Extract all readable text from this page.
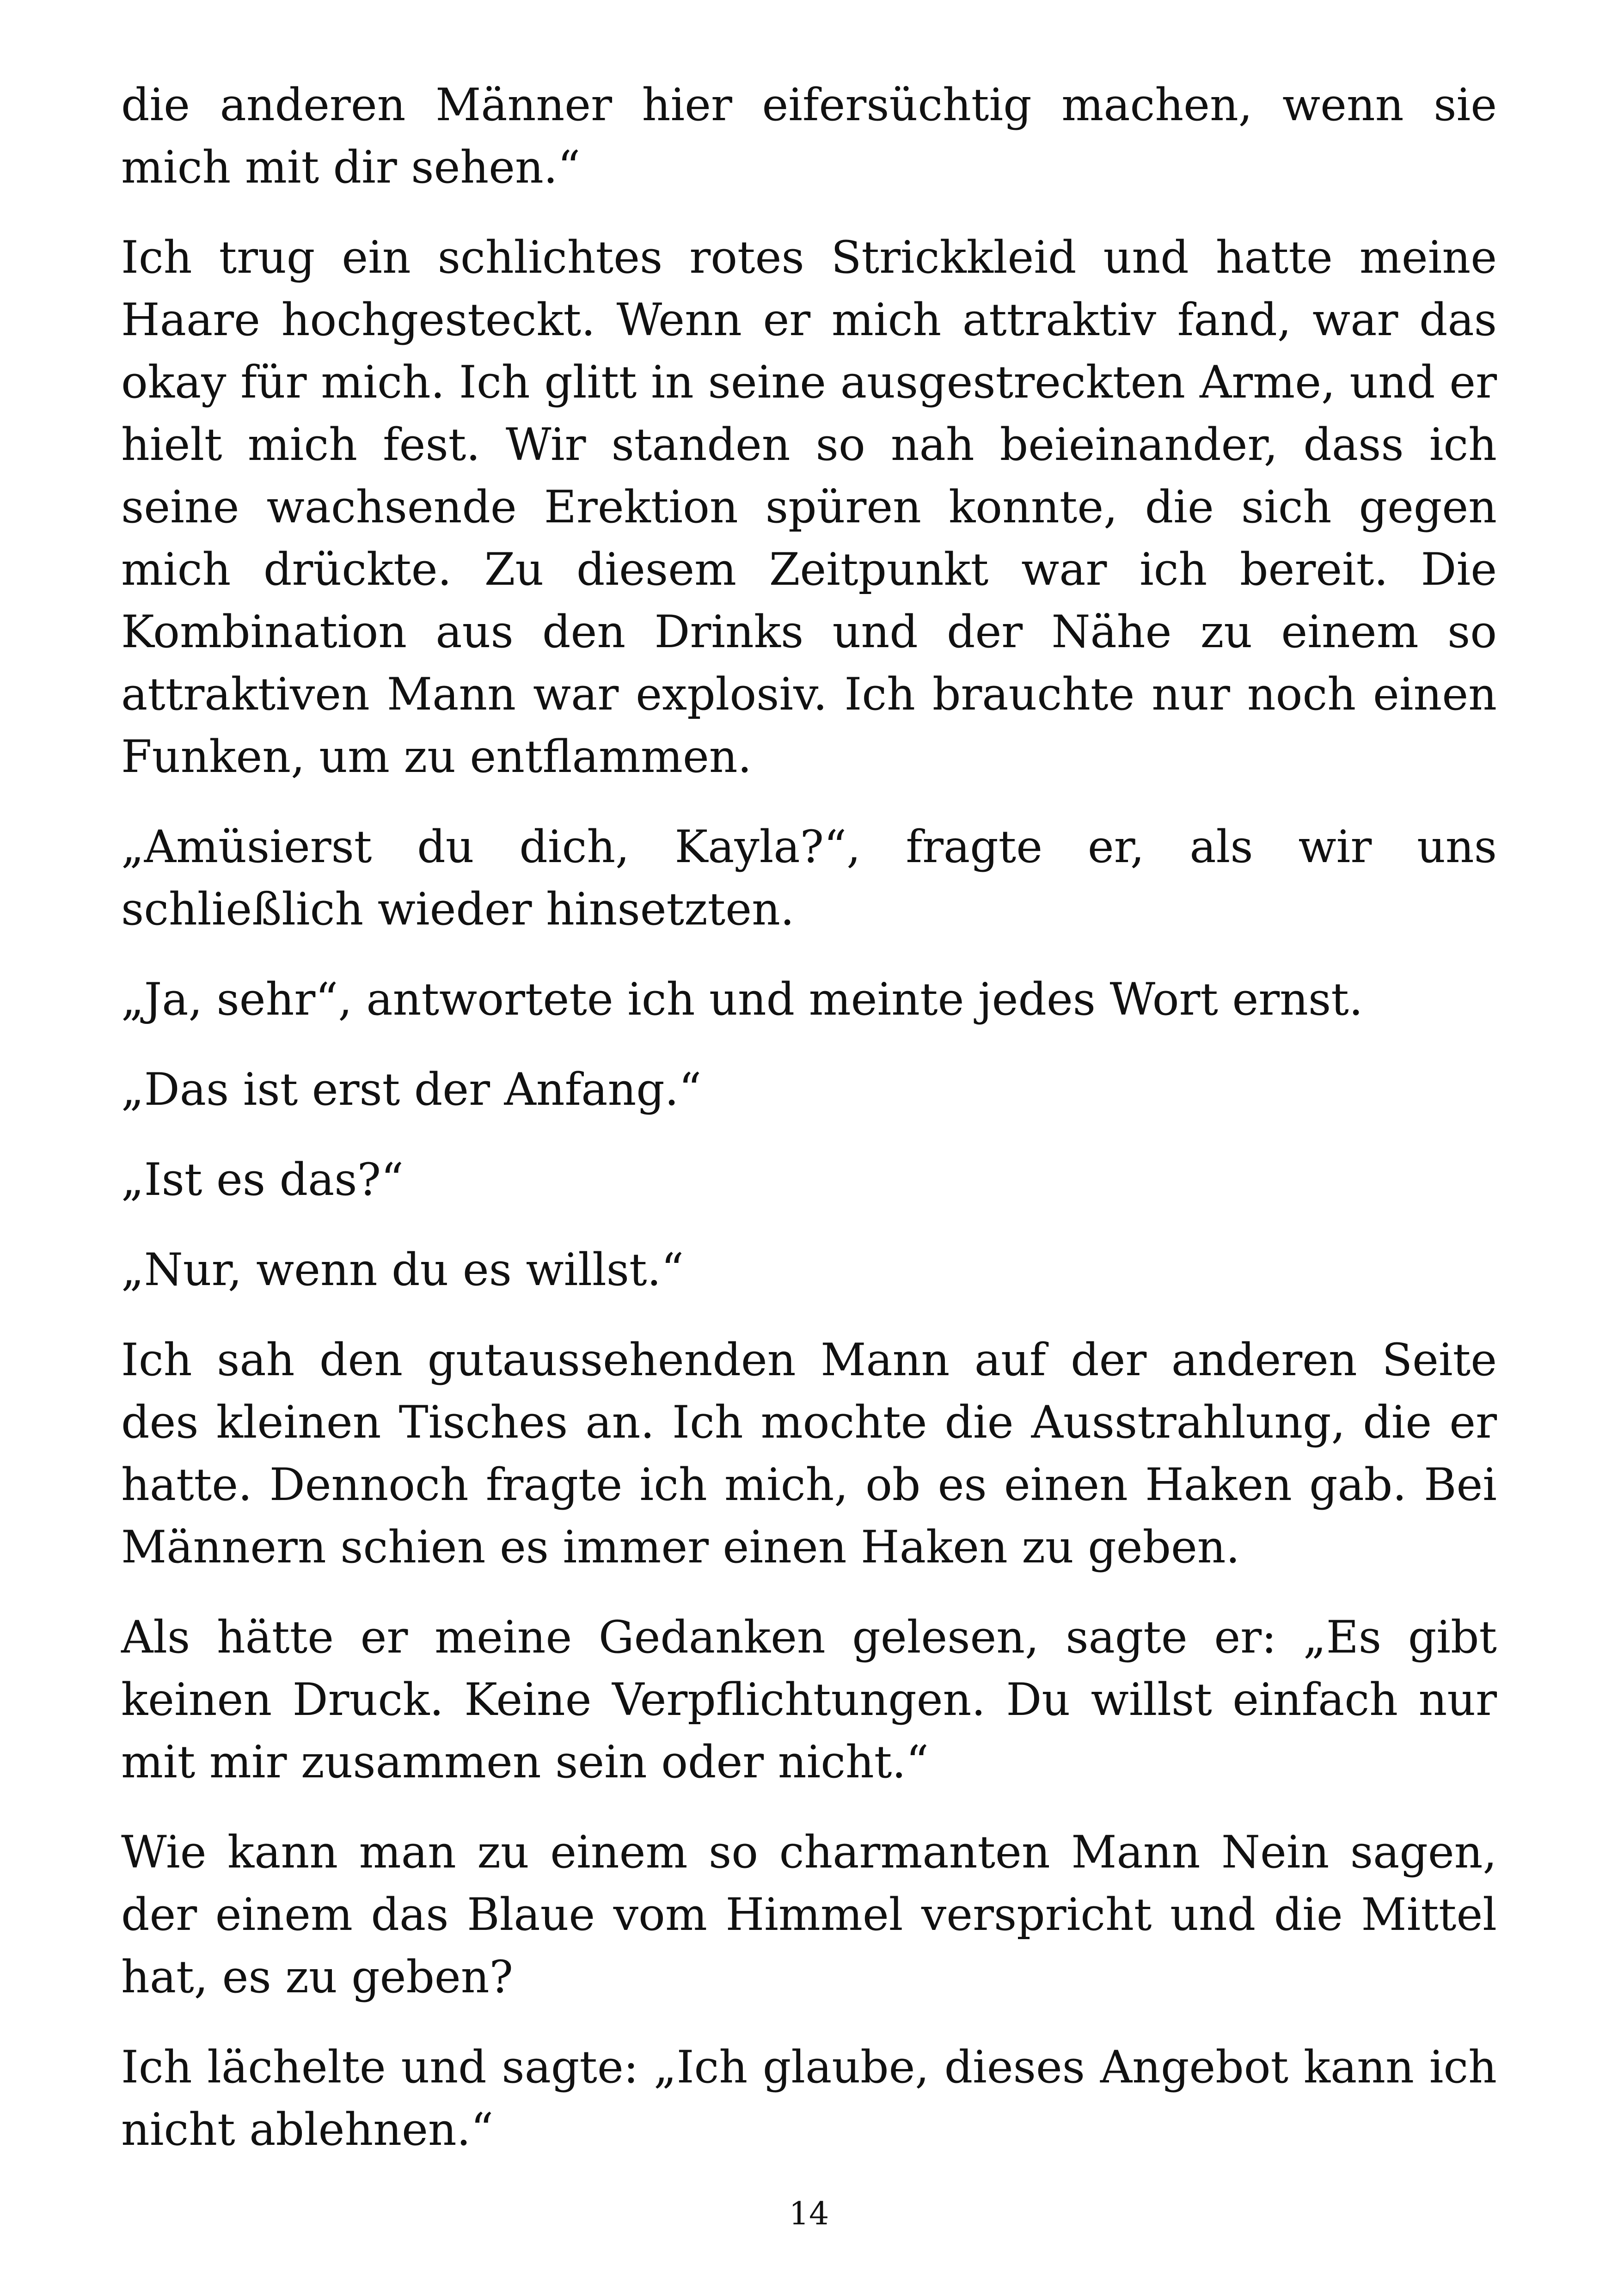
die anderen Männer hier eifersüchtig machen, wenn sie mich mit dir sehen.“

Ich trug ein schlichtes rotes Strickkleid und hatte meine Haare hochgesteckt. Wenn er mich attraktiv fand, war das okay für mich. Ich glitt in seine ausgestreckten Arme, und er hielt mich fest. Wir standen so nah beieinander, dass ich seine wachsende Erektion spüren konnte, die sich gegen mich drückte. Zu diesem Zeitpunkt war ich bereit. Die Kombination aus den Drinks und der Nähe zu einem so attraktiven Mann war explosiv. Ich brauchte nur noch einen Funken, um zu entflammen.

„Amüsierst du dich, Kayla?“, fragte er, als wir uns schließlich wieder hinsetzten.

„Ja, sehr“, antwortete ich und meinte jedes Wort ernst.

„Das ist erst der Anfang.“

„Ist es das?“

„Nur, wenn du es willst.“

Ich sah den gutaussehenden Mann auf der anderen Seite des kleinen Tisches an. Ich mochte die Ausstrahlung, die er hatte. Dennoch fragte ich mich, ob es einen Haken gab. Bei Männern schien es immer einen Haken zu geben.

Als hätte er meine Gedanken gelesen, sagte er: „Es gibt keinen Druck. Keine Verpflichtungen. Du willst einfach nur mit mir zusammen sein oder nicht.“

Wie kann man zu einem so charmanten Mann Nein sagen, der einem das Blaue vom Himmel verspricht und die Mittel hat, es zu geben?

Ich lächelte und sagte: „Ich glaube, dieses Angebot kann ich nicht ablehnen.“

14
